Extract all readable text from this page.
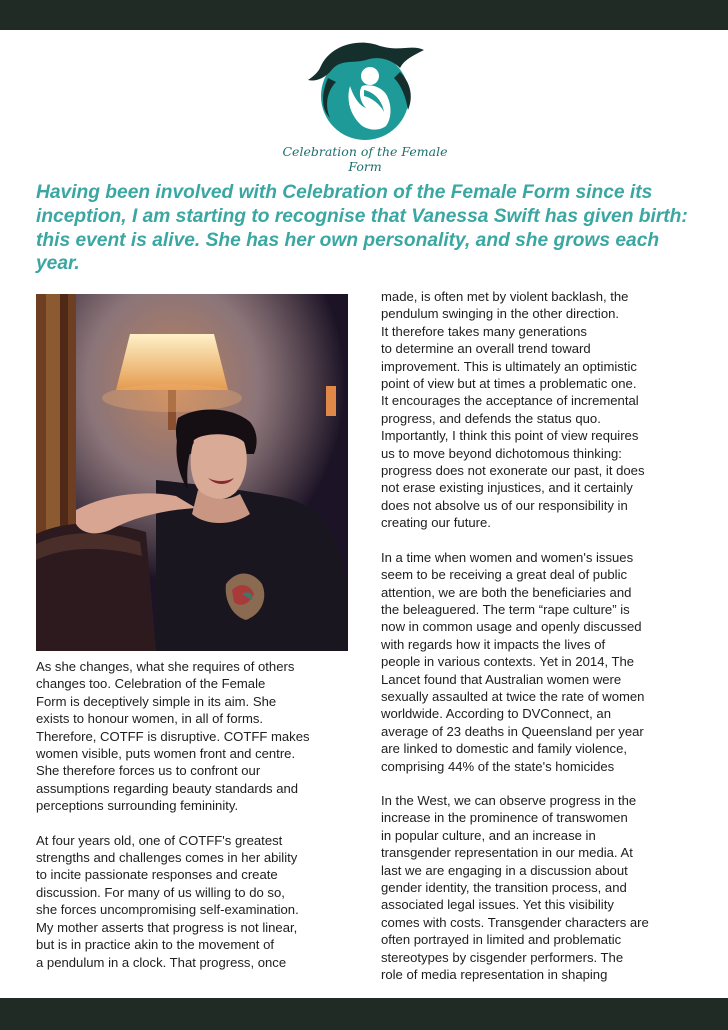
Celebration of the Female Form

Having been involved with Celebration of the Female Form since its inception, I am starting to recognise that Vanessa Swift has given birth: this event is alive. She has her own personality, and she grows each year.

As she changes, what she requires of others
changes too. Celebration of the Female
Form is deceptively simple in its aim. She
exists to honour women, in all of forms.
Therefore, COTFF is disruptive. COTFF makes
women visible, puts women front and centre.
She therefore forces us to confront our
assumptions regarding beauty standards and
perceptions surrounding femininity.

At four years old, one of COTFF's greatest
strengths and challenges comes in her ability
to incite passionate responses and create
discussion. For many of us willing to do so,
she forces uncompromising self-examination.
My mother asserts that progress is not linear,
but is in practice akin to the movement of
a pendulum in a clock. That progress, once

made, is often met by violent backlash, the
pendulum swinging in the other direction.
It therefore takes many generations
to determine an overall trend toward
improvement. This is ultimately an optimistic
point of view but at times a problematic one.
It encourages the acceptance of incremental
progress, and defends the status quo.
Importantly, I think this point of view requires
us to move beyond dichotomous thinking:
progress does not exonerate our past, it does
not erase existing injustices, and it certainly
does not absolve us of our responsibility in
creating our future.

In a time when women and women's issues
seem to be receiving a great deal of public
attention, we are both the beneficiaries and
the beleaguered. The term “rape culture” is
now in common usage and openly discussed
with regards how it impacts the lives of
people in various contexts. Yet in 2014, The
Lancet found that Australian women were
sexually assaulted at twice the rate of women
worldwide. According to DVConnect, an
average of 23 deaths in Queensland per year
are linked to domestic and family violence,
comprising 44% of the state's homicides

In the West, we can observe progress in the
increase in the prominence of transwomen
in popular culture, and an increase in
transgender representation in our media. At
last we are engaging in a discussion about
gender identity, the transition process, and
associated legal issues. Yet this visibility
comes with costs. Transgender characters are
often portrayed in limited and problematic
stereotypes by cisgender performers. The
role of media representation in shaping
